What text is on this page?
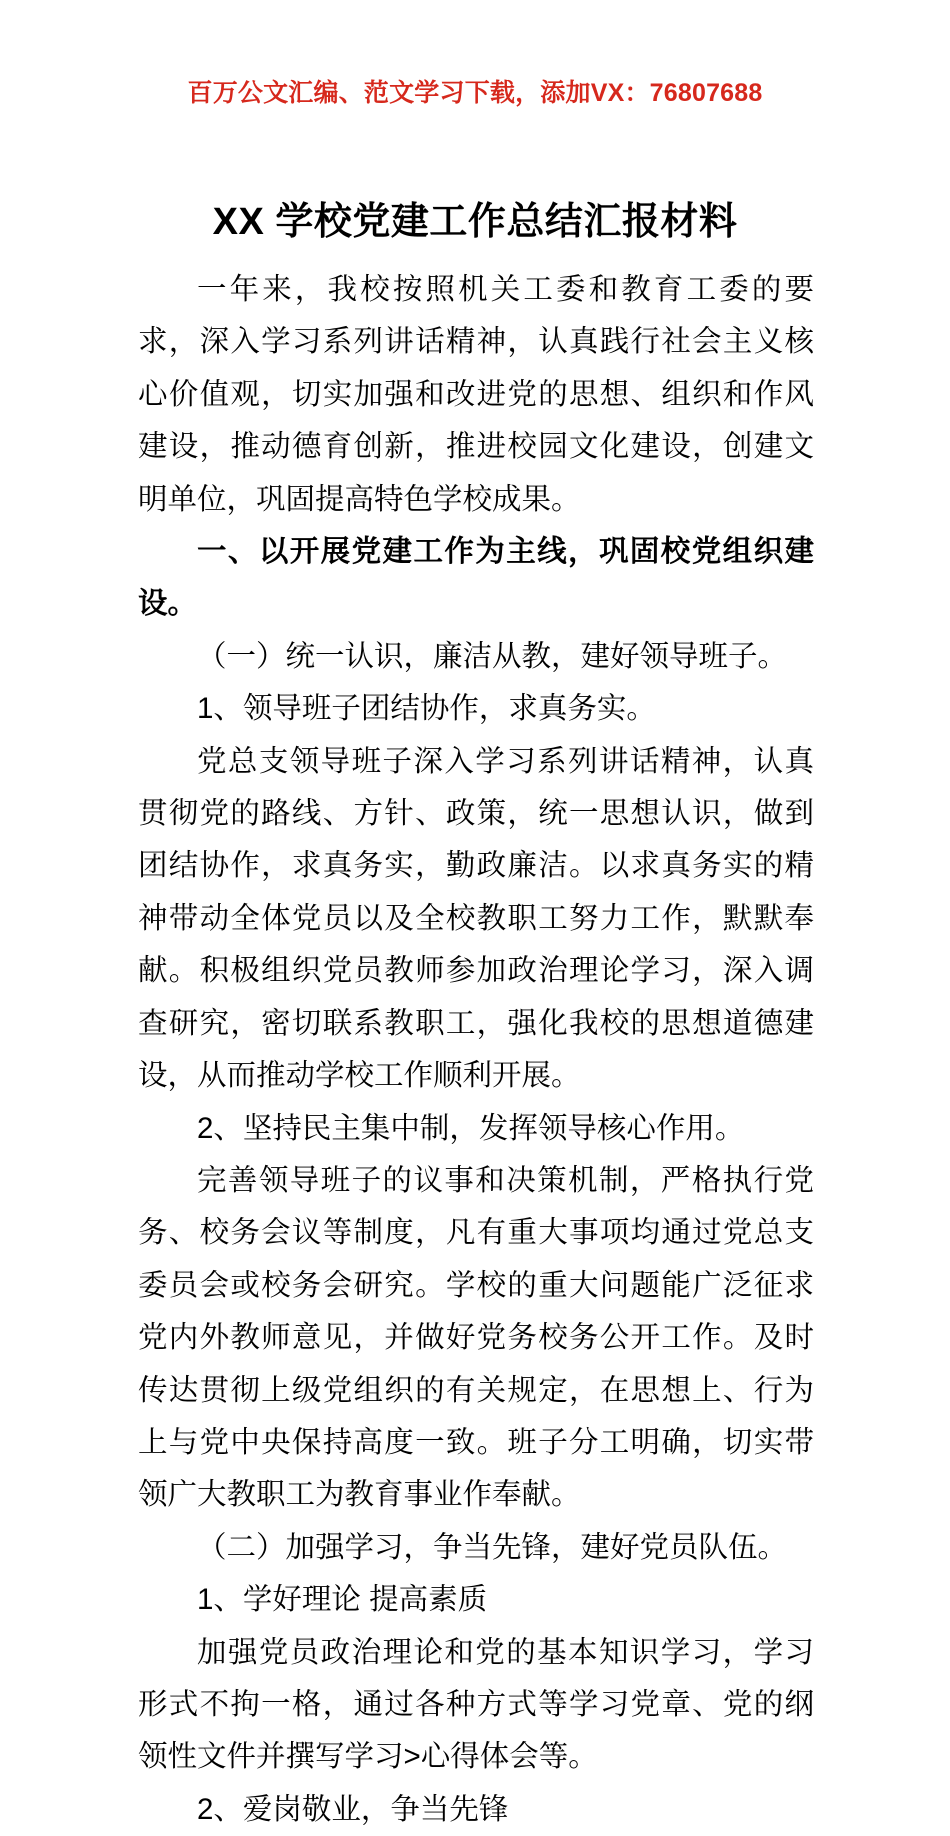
百万公文汇编、范文学习下载，添加VX：76807688
XX 学校党建工作总结汇报材料

一年来，我校按照机关工委和教育工委的要求，深入学习系列讲话精神，认真践行社会主义核心价值观，切实加强和改进党的思想、组织和作风建设，推动德育创新，推进校园文化建设，创建文明单位，巩固提高特色学校成果。

一、以开展党建工作为主线，巩固校党组织建设。

（一）统一认识，廉洁从教，建好领导班子。

1、领导班子团结协作，求真务实。

党总支领导班子深入学习系列讲话精神，认真贯彻党的路线、方针、政策，统一思想认识，做到团结协作，求真务实，勤政廉洁。以求真务实的精神带动全体党员以及全校教职工努力工作，默默奉献。积极组织党员教师参加政治理论学习，深入调查研究，密切联系教职工，强化我校的思想道德建设，从而推动学校工作顺利开展。

2、坚持民主集中制，发挥领导核心作用。

完善领导班子的议事和决策机制，严格执行党务、校务会议等制度，凡有重大事项均通过党总支委员会或校务会研究。学校的重大问题能广泛征求党内外教师意见，并做好党务校务公开工作。及时传达贯彻上级党组织的有关规定，在思想上、行为上与党中央保持高度一致。班子分工明确，切实带领广大教职工为教育事业作奉献。

（二）加强学习，争当先锋，建好党员队伍。

1、学好理论 提高素质

加强党员政治理论和党的基本知识学习，学习形式不拘一格，通过各种方式等学习党章、党的纲领性文件并撰写学习>心得体会等。

2、爱岗敬业，争当先锋
